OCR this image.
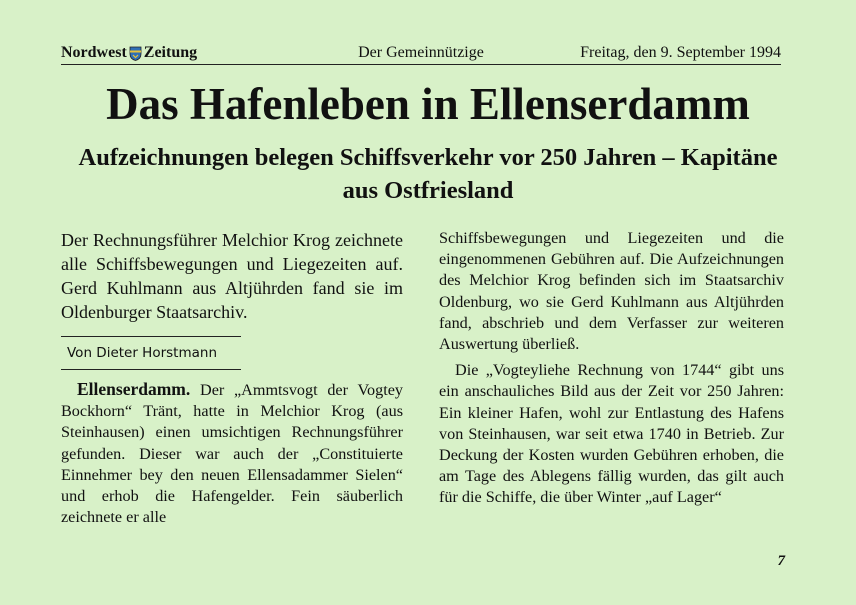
Nordwest Zeitung	Der Gemeinnützige	Freitag, den 9. September 1994
Das Hafenleben in Ellenserdamm
Aufzeichnungen belegen Schiffsverkehr vor 250 Jahren – Kapitäne aus Ostfriesland

Der Rechnungsführer Melchior Krog zeichnete alle Schiffsbewegungen und Liegezeiten auf. Gerd Kuhlmann aus Altjührden fand sie im Oldenburger Staatsarchiv.

Von Dieter Horstmann

Ellenserdamm. Der „Ammtsvogt der Vogtey Bockhorn“ Tränt, hatte in Melchior Krog (aus Steinhausen) einen umsichtigen Rechnungsführer gefunden. Dieser war auch der „Constituierte Einnehmer bey den neuen Ellensadammer Sielen“ und erhob die Hafengelder. Fein säuberlich zeichnete er alle

Schiffsbewegungen und Liegezeiten und die eingenommenen Gebühren auf. Die Aufzeichnungen des Melchior Krog befinden sich im Staatsarchiv Oldenburg, wo sie Gerd Kuhlmann aus Altjührden fand, abschrieb und dem Verfasser zur weiteren Auswertung überließ.

Die „Vogteyliehe Rechnung von 1744“ gibt uns ein anschauliches Bild aus der Zeit vor 250 Jahren: Ein kleiner Hafen, wohl zur Entlastung des Hafens von Steinhausen, war seit etwa 1740 in Betrieb. Zur Deckung der Kosten wurden Gebühren erhoben, die am Tage des Ablegens fällig wurden, das gilt auch für die Schiffe, die über Winter „auf Lager“

7
